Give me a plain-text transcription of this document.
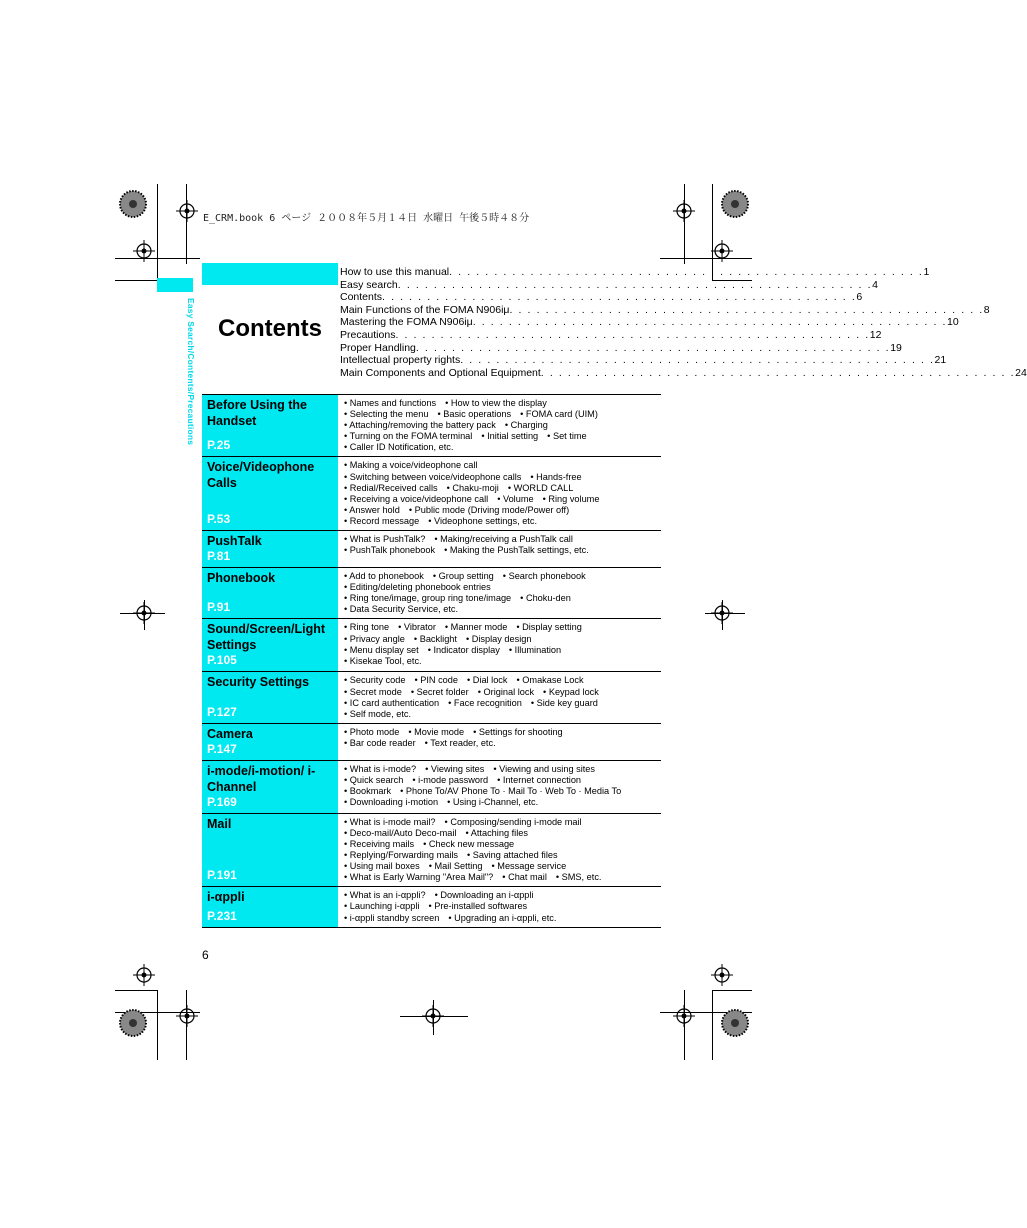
E_CRM.book 6 ページ ２００８年５月１４日 水曜日 午後５時４８分
Easy Search/Contents/Precautions Contents
How to use this manual . . . . . . . . . . . . . . . . . . . . . . . . . . . . . . . . . . . . . . . . . . . . . . . . . . . . . 1
Easy search . . . . . . . . . . . . . . . . . . . . . . . . . . . . . . . . . . . . . . . . . . . . . . . . . . . . . 4
Contents . . . . . . . . . . . . . . . . . . . . . . . . . . . . . . . . . . . . . . . . . . . . . . . . . . . . . 6
Main Functions of the FOMA N906iμ . . . . . . . . . . . . . . . . . . . . . . . . . . . . . . . . . . . . . . . . . . . . . . . . . . . . . 8
Mastering the FOMA N906iμ . . . . . . . . . . . . . . . . . . . . . . . . . . . . . . . . . . . . . . . . . . . . . . . . . . . . . 10
Precautions . . . . . . . . . . . . . . . . . . . . . . . . . . . . . . . . . . . . . . . . . . . . . . . . . . . . . 12
Proper Handling . . . . . . . . . . . . . . . . . . . . . . . . . . . . . . . . . . . . . . . . . . . . . . . . . . . . . 19
Intellectual property rights . . . . . . . . . . . . . . . . . . . . . . . . . . . . . . . . . . . . . . . . . . . . . . . . . . . . . 21
Main Components and Optional Equipment . . . . . . . . . . . . . . . . . . . . . . . . . . . . . . . . . . . . . . . . . . . . . . . . . . . . . 24
Before Using the Handset
P.25
• Names and functions • How to view the display
• Selecting the menu • Basic operations • FOMA card (UIM)
• Attaching/removing the battery pack • Charging
• Turning on the FOMA terminal • Initial setting • Set time
• Caller ID Notification, etc.
Voice/Videophone Calls
P.53
• Making a voice/videophone call
• Switching between voice/videophone calls • Hands-free
• Redial/Received calls • Chaku-moji • WORLD CALL
• Receiving a voice/videophone call • Volume • Ring volume
• Answer hold • Public mode (Driving mode/Power off)
• Record message • Videophone settings, etc.
PushTalk
P.81
• What is PushTalk? • Making/receiving a PushTalk call
• PushTalk phonebook • Making the PushTalk settings, etc.
Phonebook
P.91
• Add to phonebook • Group setting • Search phonebook
• Editing/deleting phonebook entries
• Ring tone/image, group ring tone/image • Choku-den
• Data Security Service, etc.
Sound/Screen/Light Settings
P.105
• Ring tone • Vibrator • Manner mode • Display setting
• Privacy angle • Backlight • Display design
• Menu display set • Indicator display • Illumination
• Kisekae Tool, etc.
Security Settings
P.127
• Security code • PIN code • Dial lock • Omakase Lock
• Secret mode • Secret folder • Original lock • Keypad lock
• IC card authentication • Face recognition • Side key guard
• Self mode, etc.
Camera
P.147
• Photo mode • Movie mode • Settings for shooting
• Bar code reader • Text reader, etc.
i-mode/i-motion/ i-Channel
P.169
• What is i-mode? • Viewing sites • Viewing and using sites
• Quick search • i-mode password • Internet connection
• Bookmark • Phone To/AV Phone To · Mail To · Web To · Media To
• Downloading i-motion • Using i-Channel, etc.
Mail
P.191
• What is i-mode mail? • Composing/sending i-mode mail
• Deco-mail/Auto Deco-mail • Attaching files
• Receiving mails • Check new message
• Replying/Forwarding mails • Saving attached files
• Using mail boxes • Mail Setting • Message service
• What is Early Warning "Area Mail"? • Chat mail • SMS, etc.
i-αppli
P.231
• What is an i-αppli? • Downloading an i-αppli
• Launching i-αppli • Pre-installed softwares
• i-αppli standby screen • Upgrading an i-αppli, etc.
6
